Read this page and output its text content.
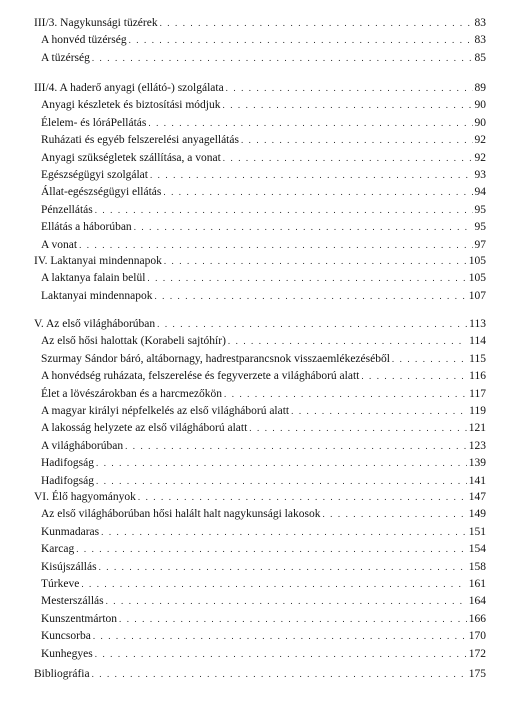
III/3. Nagykunsági tüzérek . . .	83
A honvéd tüzérség . . .	83
A tüzérség . . .	85
III/4. A haderő anyagi (ellátó-) szolgálata . . .	89
Anyagi készletek és biztosítási módjuk . . .	90
Élelem- és lóráPellátás . . .	90
Ruházati és egyéb felszerelési anyagellátás . . .	92
Anyagi szükségletek szállítása, a vonat . . .	92
Egészségügyi szolgálat . . .	93
Állat-egészségügyi ellátás . . .	94
Pénzellátás . . .	95
Ellátás a háborúban . . .	95
A vonat . . .	97
IV. Laktanyai mindennapok . . .	105
A laktanya falain belül . . .	105
Laktanyai mindennapok . . .	107
V. Az első világháborúban . . .	113
Az első hősi halottak (Korabeli sajtóhír) . . .	114
Szurmay Sándor báró, altábornagy, hadrestparancsnok visszaemlékezéséből . . .	115
A honvédség ruházata, felszerelése és fegyverzete a világháború alatt . . .	116
Élet a lövészárokban és a harcmezőkön . . .	117
A magyar királyi népfelkelés az első világháború alatt . . .	119
A lakosság helyzete az első világháború alatt . . .	121
A világháborúban . . .	123
Hadifogság . . .	139
Hadifogság . . .	141
VI. Élő hagyományok . . .	147
Az első világháborúban hősi halált halt nagykunsági lakosok . . .	149
Kunmadaras . . .	151
Karcag . . .	154
Kisújszállás . . .	158
Túrkeve . . .	161
Mesterszállás . . .	164
Kunszentmárton . . .	166
Kuncsorba . . .	170
Kunhegyes . . .	172
Bibliográfia . . .	175
